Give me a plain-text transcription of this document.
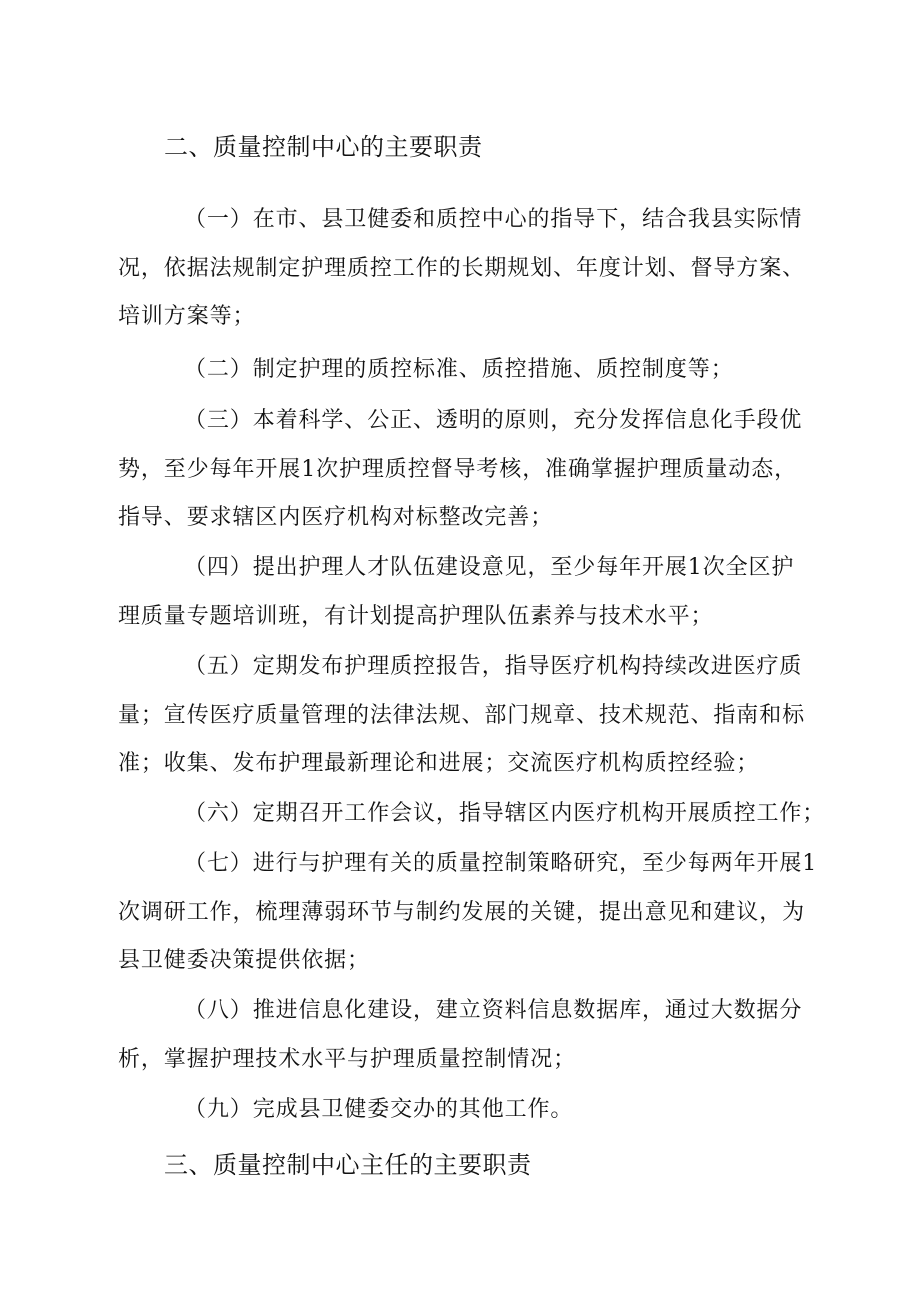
二、质量控制中心的主要职责
（一）在市、县卫健委和质控中心的指导下，结合我县实际情
况，依据法规制定护理质控工作的长期规划、年度计划、督导方案、
培训方案等；
（二）制定护理的质控标准、质控措施、质控制度等；
（三）本着科学、公正、透明的原则，充分发挥信息化手段优
势，至少每年开展1次护理质控督导考核，准确掌握护理质量动态，
指导、要求辖区内医疗机构对标整改完善；
（四）提出护理人才队伍建设意见，至少每年开展1次全区护
理质量专题培训班，有计划提高护理队伍素养与技术水平；
（五）定期发布护理质控报告，指导医疗机构持续改进医疗质
量；宣传医疗质量管理的法律法规、部门规章、技术规范、指南和标
准；收集、发布护理最新理论和进展；交流医疗机构质控经验；
（六）定期召开工作会议，指导辖区内医疗机构开展质控工作；
（七）进行与护理有关的质量控制策略研究，至少每两年开展1
次调研工作，梳理薄弱环节与制约发展的关键，提出意见和建议，为
县卫健委决策提供依据；
（八）推进信息化建设，建立资料信息数据库，通过大数据分
析，掌握护理技术水平与护理质量控制情况；
（九）完成县卫健委交办的其他工作。
三、质量控制中心主任的主要职责
